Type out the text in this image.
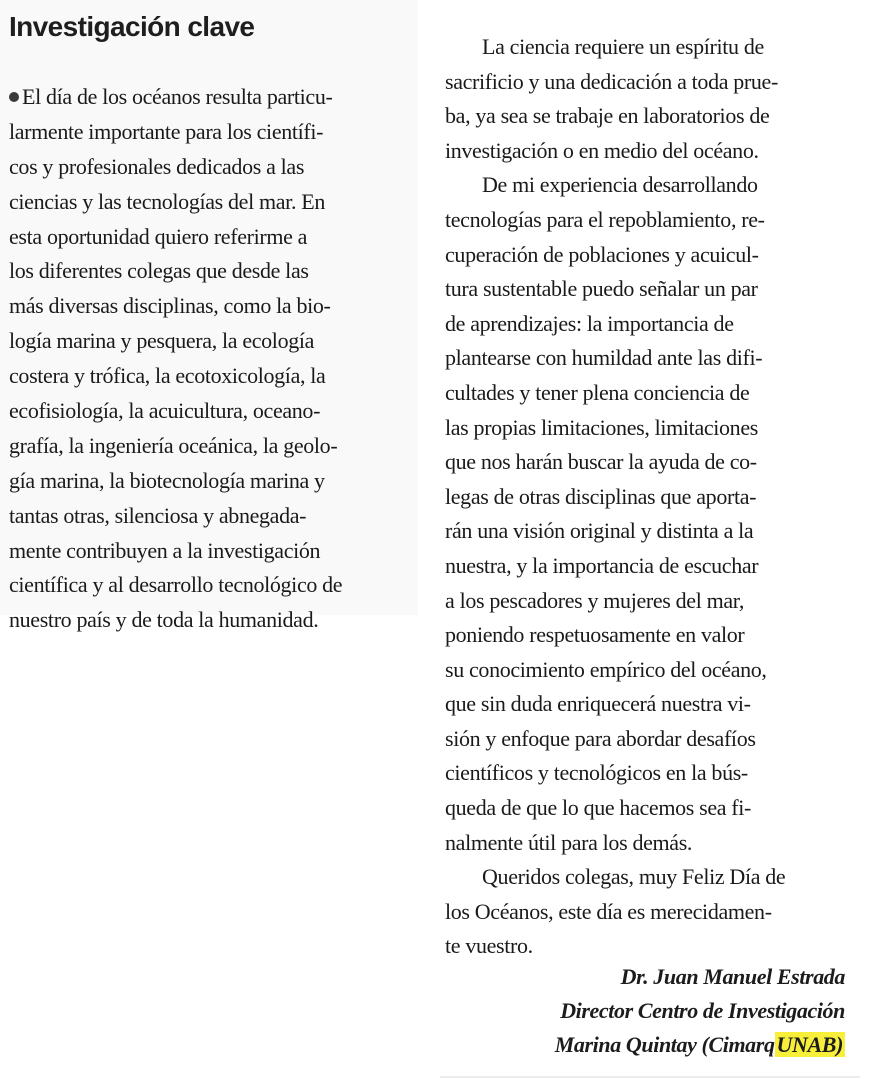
Investigación clave
El día de los océanos resulta particu-
larmente importante para los científi-
cos y profesionales dedicados a las
ciencias y las tecnologías del mar. En
esta oportunidad quiero referirme a
los diferentes colegas que desde las
más diversas disciplinas, como la bio-
logía marina y pesquera, la ecología
costera y trófica, la ecotoxicología, la
ecofisiología, la acuicultura, oceano-
grafía, la ingeniería oceánica, la geolo-
gía marina, la biotecnología marina y
tantas otras, silenciosa y abnegada-
mente contribuyen a la investigación
científica y al desarrollo tecnológico de
nuestro país y de toda la humanidad.
La ciencia requiere un espíritu de
sacrificio y una dedicación a toda prue-
ba, ya sea se trabaje en laboratorios de
investigación o en medio del océano.
De mi experiencia desarrollando
tecnologías para el repoblamiento, re-
cuperación de poblaciones y acuicul-
tura sustentable puedo señalar un par
de aprendizajes: la importancia de
plantearse con humildad ante las difi-
cultades y tener plena conciencia de
las propias limitaciones, limitaciones
que nos harán buscar la ayuda de co-
legas de otras disciplinas que aporta-
rán una visión original y distinta a la
nuestra, y la importancia de escuchar
a los pescadores y mujeres del mar,
poniendo respetuosamente en valor
su conocimiento empírico del océano,
que sin duda enriquecerá nuestra vi-
sión y enfoque para abordar desafíos
científicos y tecnológicos en la bús-
queda de que lo que hacemos sea fi-
nalmente útil para los demás.
Queridos colegas, muy Feliz Día de
los Océanos, este día es merecidamen-
te vuestro.
Dr. Juan Manuel Estrada
Director Centro de Investigación
Marina Quintay (CimarqUNAB)
